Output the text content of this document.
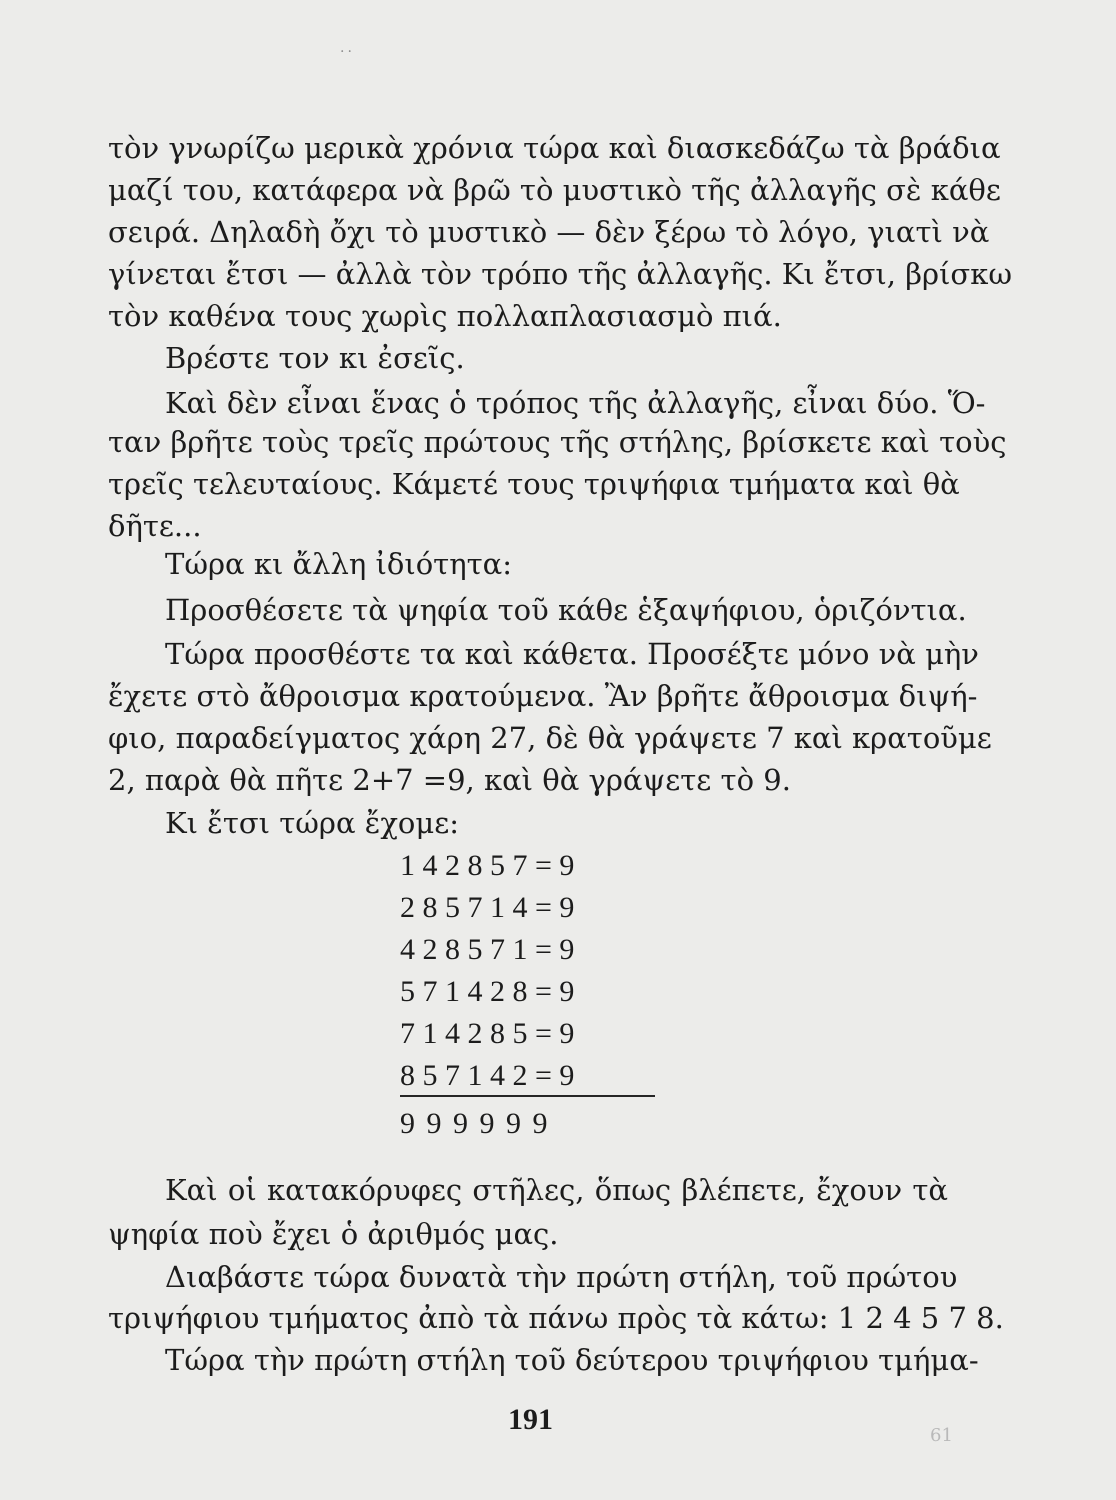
..
τὸν γνωρίζω μερικὰ χρόνια τώρα καὶ διασκεδάζω τὰ βράδια
μαζί του, κατάφερα νὰ βρῶ τὸ μυστικὸ τῆς ἀλλαγῆς σὲ κάθε
σειρά. Δηλαδὴ ὄχι τὸ μυστικὸ — δὲν ξέρω τὸ λόγο, γιατὶ νὰ
γίνεται ἔτσι — ἀλλὰ τὸν τρόπο τῆς ἀλλαγῆς. Κι ἔτσι, βρίσκω
τὸν καθένα τους χωρὶς πολλαπλασιασμὸ πιά.
Βρέστε τον κι ἐσεῖς.
Καὶ δὲν εἶναι ἕνας ὁ τρόπος τῆς ἀλλαγῆς, εἶναι δύο. Ὅ-
ταν βρῆτε τοὺς τρεῖς πρώτους τῆς στήλης, βρίσκετε καὶ τοὺς
τρεῖς τελευταίους. Κάμετέ τους τριψήφια τμήματα καὶ θὰ
δῆτε...
Τώρα κι ἄλλη ἰδιότητα:
Προσθέσετε τὰ ψηφία τοῦ κάθε ἑξαψήφιου, ὁριζόντια.
Τώρα προσθέστε τα καὶ κάθετα. Προσέξτε μόνο νὰ μὴν
ἔχετε στὸ ἄθροισμα κρατούμενα. Ἂν βρῆτε ἄθροισμα διψή-
φιο, παραδείγματος χάρη 27, δὲ θὰ γράψετε 7 καὶ κρατοῦμε
2, παρὰ θὰ πῆτε 2+7 =9, καὶ θὰ γράψετε τὸ 9.
Κι ἔτσι τώρα ἔχομε:
1 4 2 8 5 7 = 9
2 8 5 7 1 4 = 9
4 2 8 5 7 1 = 9
5 7 1 4 2 8 = 9
7 1 4 2 8 5 = 9
8 5 7 1 4 2 = 9
9 9 9 9 9 9
Καὶ οἱ κατακόρυφες στῆλες, ὅπως βλέπετε, ἔχουν τὰ
ψηφία ποὺ ἔχει ὁ ἀριθμός μας.
Διαβάστε τώρα δυνατὰ τὴν πρώτη στήλη, τοῦ πρώτου
τριψήφιου τμήματος ἀπὸ τὰ πάνω πρὸς τὰ κάτω: 1 2 4 5 7 8.
Τώρα τὴν πρώτη στήλη τοῦ δεύτερου τριψήφιου τμήμα-
191	61
